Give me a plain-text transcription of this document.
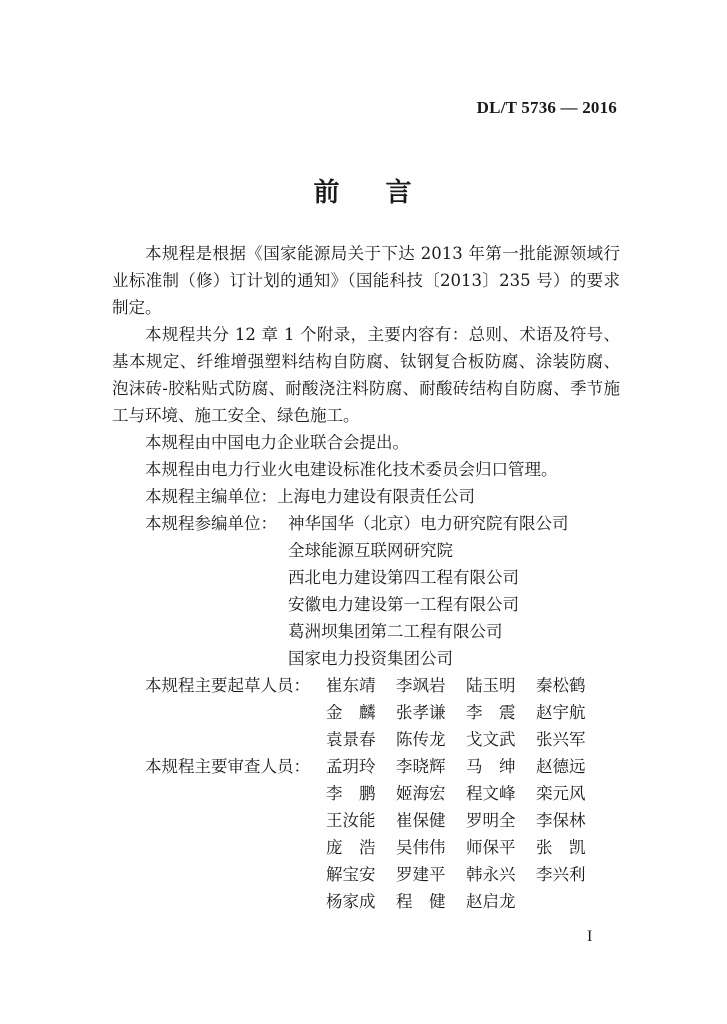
DL/T 5736 — 2016
前言

本规程是根据《国家能源局关于下达 2013 年第一批能源领域行业标准制（修）订计划的通知》（国能科技〔2013〕235 号）的要求制定。

本规程共分 12 章 1 个附录，主要内容有：总则、术语及符号、基本规定、纤维增强塑料结构自防腐、钛钢复合板防腐、涂装防腐、泡沫砖-胶粘贴式防腐、耐酸浇注料防腐、耐酸砖结构自防腐、季节施工与环境、施工安全、绿色施工。

本规程由中国电力企业联合会提出。

本规程由电力行业火电建设标准化技术委员会归口管理。

本规程主编单位：上海电力建设有限责任公司

本规程参编单位： 神华国华（北京）电力研究院有限公司
全球能源互联网研究院
西北电力建设第四工程有限公司
安徽电力建设第一工程有限公司
葛洲坝集团第二工程有限公司
国家电力投资集团公司
本规程主要起草人员： 崔东靖 李飒岩 陆玉明 秦松鹤
金麟 张孝谦 李震 赵宇航
袁景春 陈传龙 戈文武 张兴军
本规程主要审查人员： 孟玥玲 李晓辉 马绅 赵德远
李鹏 姬海宏 程文峰 栾元风
王汝能 崔保健 罗明全 李保林
庞浩 吴伟伟 师保平 张凯
解宝安 罗建平 韩永兴 李兴利
杨家成 程健 赵启龙
I
